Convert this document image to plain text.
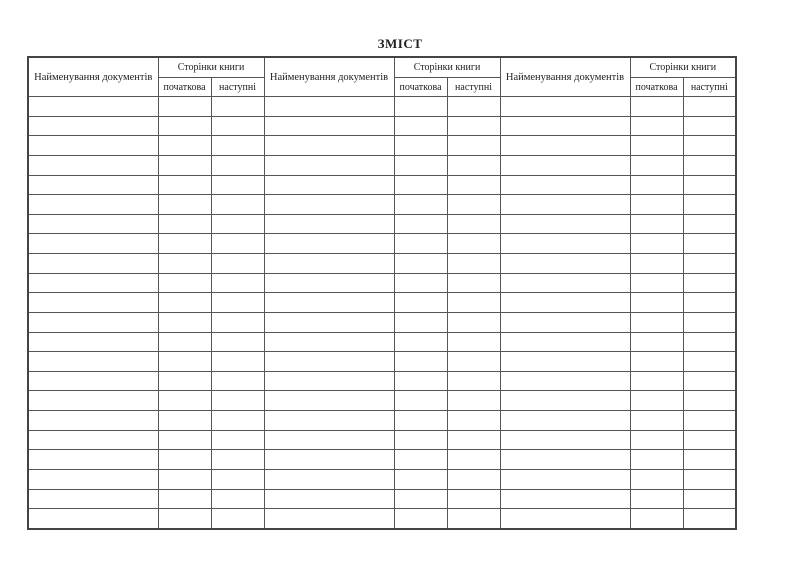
ЗМІСТ
Найменування документів	Сторінки книги		Найменування документів	Сторінки книги		Найменування документів	Сторінки книги	
	початкова	наступні		початкова	наступні		початкова	наступні
